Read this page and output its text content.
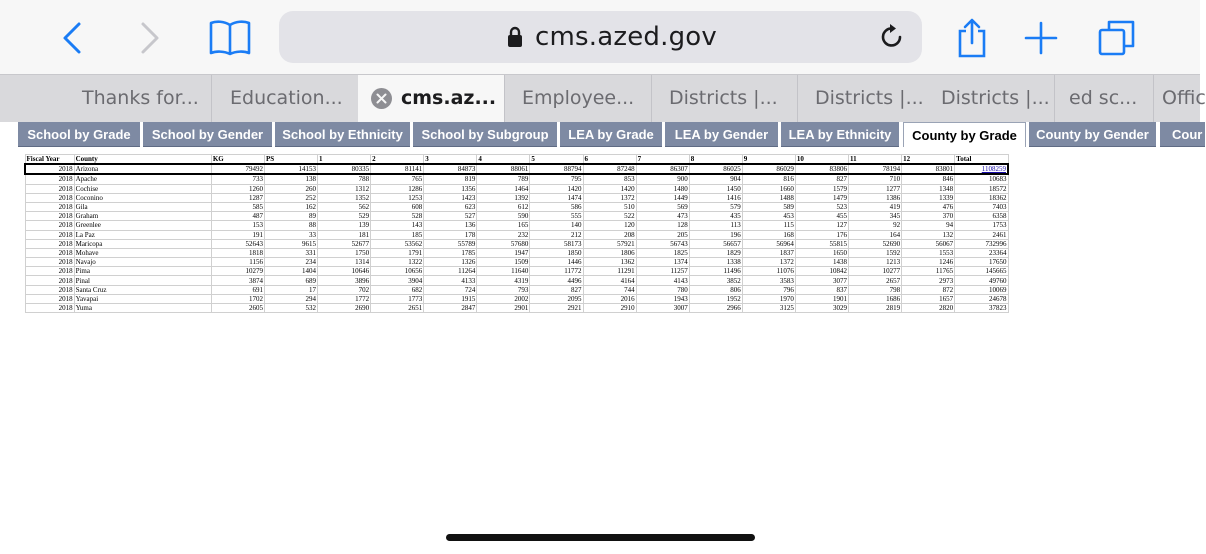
cms.azed.gov
Thanks for...	Education...	cms.az...	Employee...	Districts |...	Districts |... Districts |...	ed sc...	Offic
School by Grade	School by Gender	School by Ethnicity	School by Subgroup	LEA by Grade	LEA by Gender	LEA by Ethnicity	County by Grade	County by Gender	Cour
Fiscal Year	County	KG	PS	1	2	3	4	5	6	7	8	9	10	11	12	Total
2018	Arizona	79492	14153	80335	81141	84873	88061	88794	87248	86307	86025	86029	83806	78194	83801	1108259
2018	Apache	733	138	788	765	819	789	795	853	900	904	816	827	710	846	10683
2018	Cochise	1260	260	1312	1286	1356	1464	1420	1420	1480	1450	1660	1579	1277	1348	18572
2018	Coconino	1287	252	1352	1253	1423	1392	1474	1372	1449	1416	1488	1479	1386	1339	18362
2018	Gila	585	162	562	608	623	612	586	510	569	579	589	523	419	476	7403
2018	Graham	487	89	529	528	527	590	555	522	473	435	453	455	345	370	6358
2018	Greenlee	153	88	139	143	136	165	140	120	128	113	115	127	92	94	1753
2018	La Paz	191	33	181	185	178	232	212	208	205	196	168	176	164	132	2461
2018	Maricopa	52643	9615	52677	53562	55789	57680	58173	57921	56743	56657	56964	55815	52690	56067	732996
2018	Mohave	1818	331	1750	1791	1785	1947	1850	1806	1825	1829	1837	1650	1592	1553	23364
2018	Navajo	1156	234	1314	1322	1326	1509	1446	1362	1374	1338	1372	1438	1213	1246	17650
2018	Pima	10279	1404	10646	10656	11264	11640	11772	11291	11257	11496	11076	10842	10277	11765	145665
2018	Pinal	3874	689	3896	3904	4133	4319	4496	4164	4143	3852	3583	3077	2657	2973	49760
2018	Santa Cruz	691	17	702	682	724	793	827	744	780	806	796	837	798	872	10069
2018	Yavapai	1702	294	1772	1773	1915	2002	2095	2016	1943	1952	1970	1901	1686	1657	24678
2018	Yuma	2605	532	2690	2651	2847	2901	2921	2910	3007	2966	3125	3029	2819	2820	37823
